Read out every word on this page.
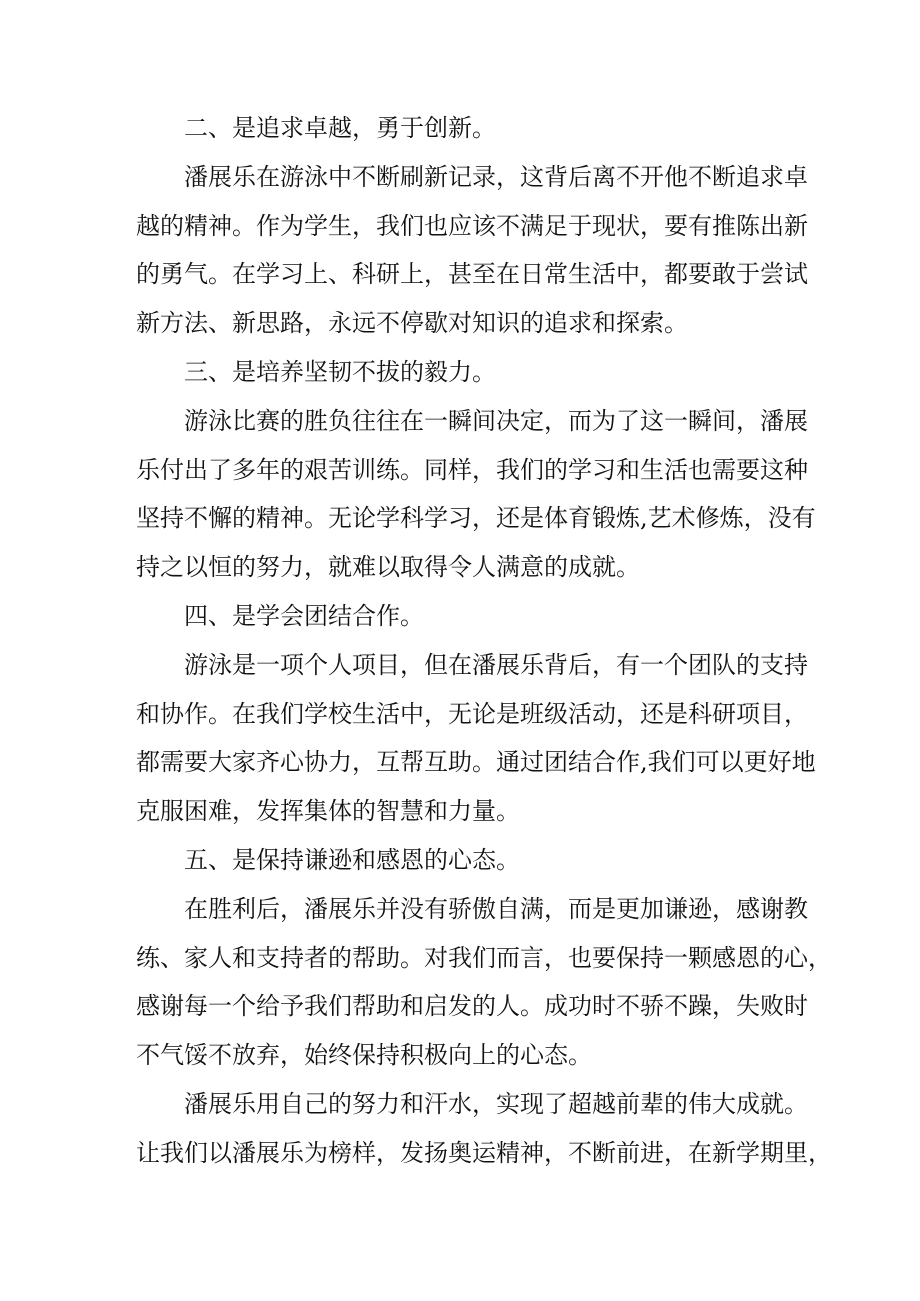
二、是追求卓越，勇于创新。

潘展乐在游泳中不断刷新记录，这背后离不开他不断追求卓
越的精神。作为学生，我们也应该不满足于现状，要有推陈出新
的勇气。在学习上、科研上，甚至在日常生活中，都要敢于尝试
新方法、新思路，永远不停歇对知识的追求和探索。

三、是培养坚韧不拔的毅力。

游泳比赛的胜负往往在一瞬间决定，而为了这一瞬间，潘展
乐付出了多年的艰苦训练。同样，我们的学习和生活也需要这种
坚持不懈的精神。无论学科学习，还是体育锻炼,艺术修炼，没有
持之以恒的努力，就难以取得令人满意的成就。

四、是学会团结合作。

游泳是一项个人项目，但在潘展乐背后，有一个团队的支持
和协作。在我们学校生活中，无论是班级活动，还是科研项目，
都需要大家齐心协力，互帮互助。通过团结合作,我们可以更好地
克服困难，发挥集体的智慧和力量。

五、是保持谦逊和感恩的心态。

在胜利后，潘展乐并没有骄傲自满，而是更加谦逊，感谢教
练、家人和支持者的帮助。对我们而言，也要保持一颗感恩的心，
感谢每一个给予我们帮助和启发的人。成功时不骄不躁，失败时
不气馁不放弃，始终保持积极向上的心态。

潘展乐用自己的努力和汗水，实现了超越前辈的伟大成就。
让我们以潘展乐为榜样，发扬奥运精神，不断前进，在新学期里，
